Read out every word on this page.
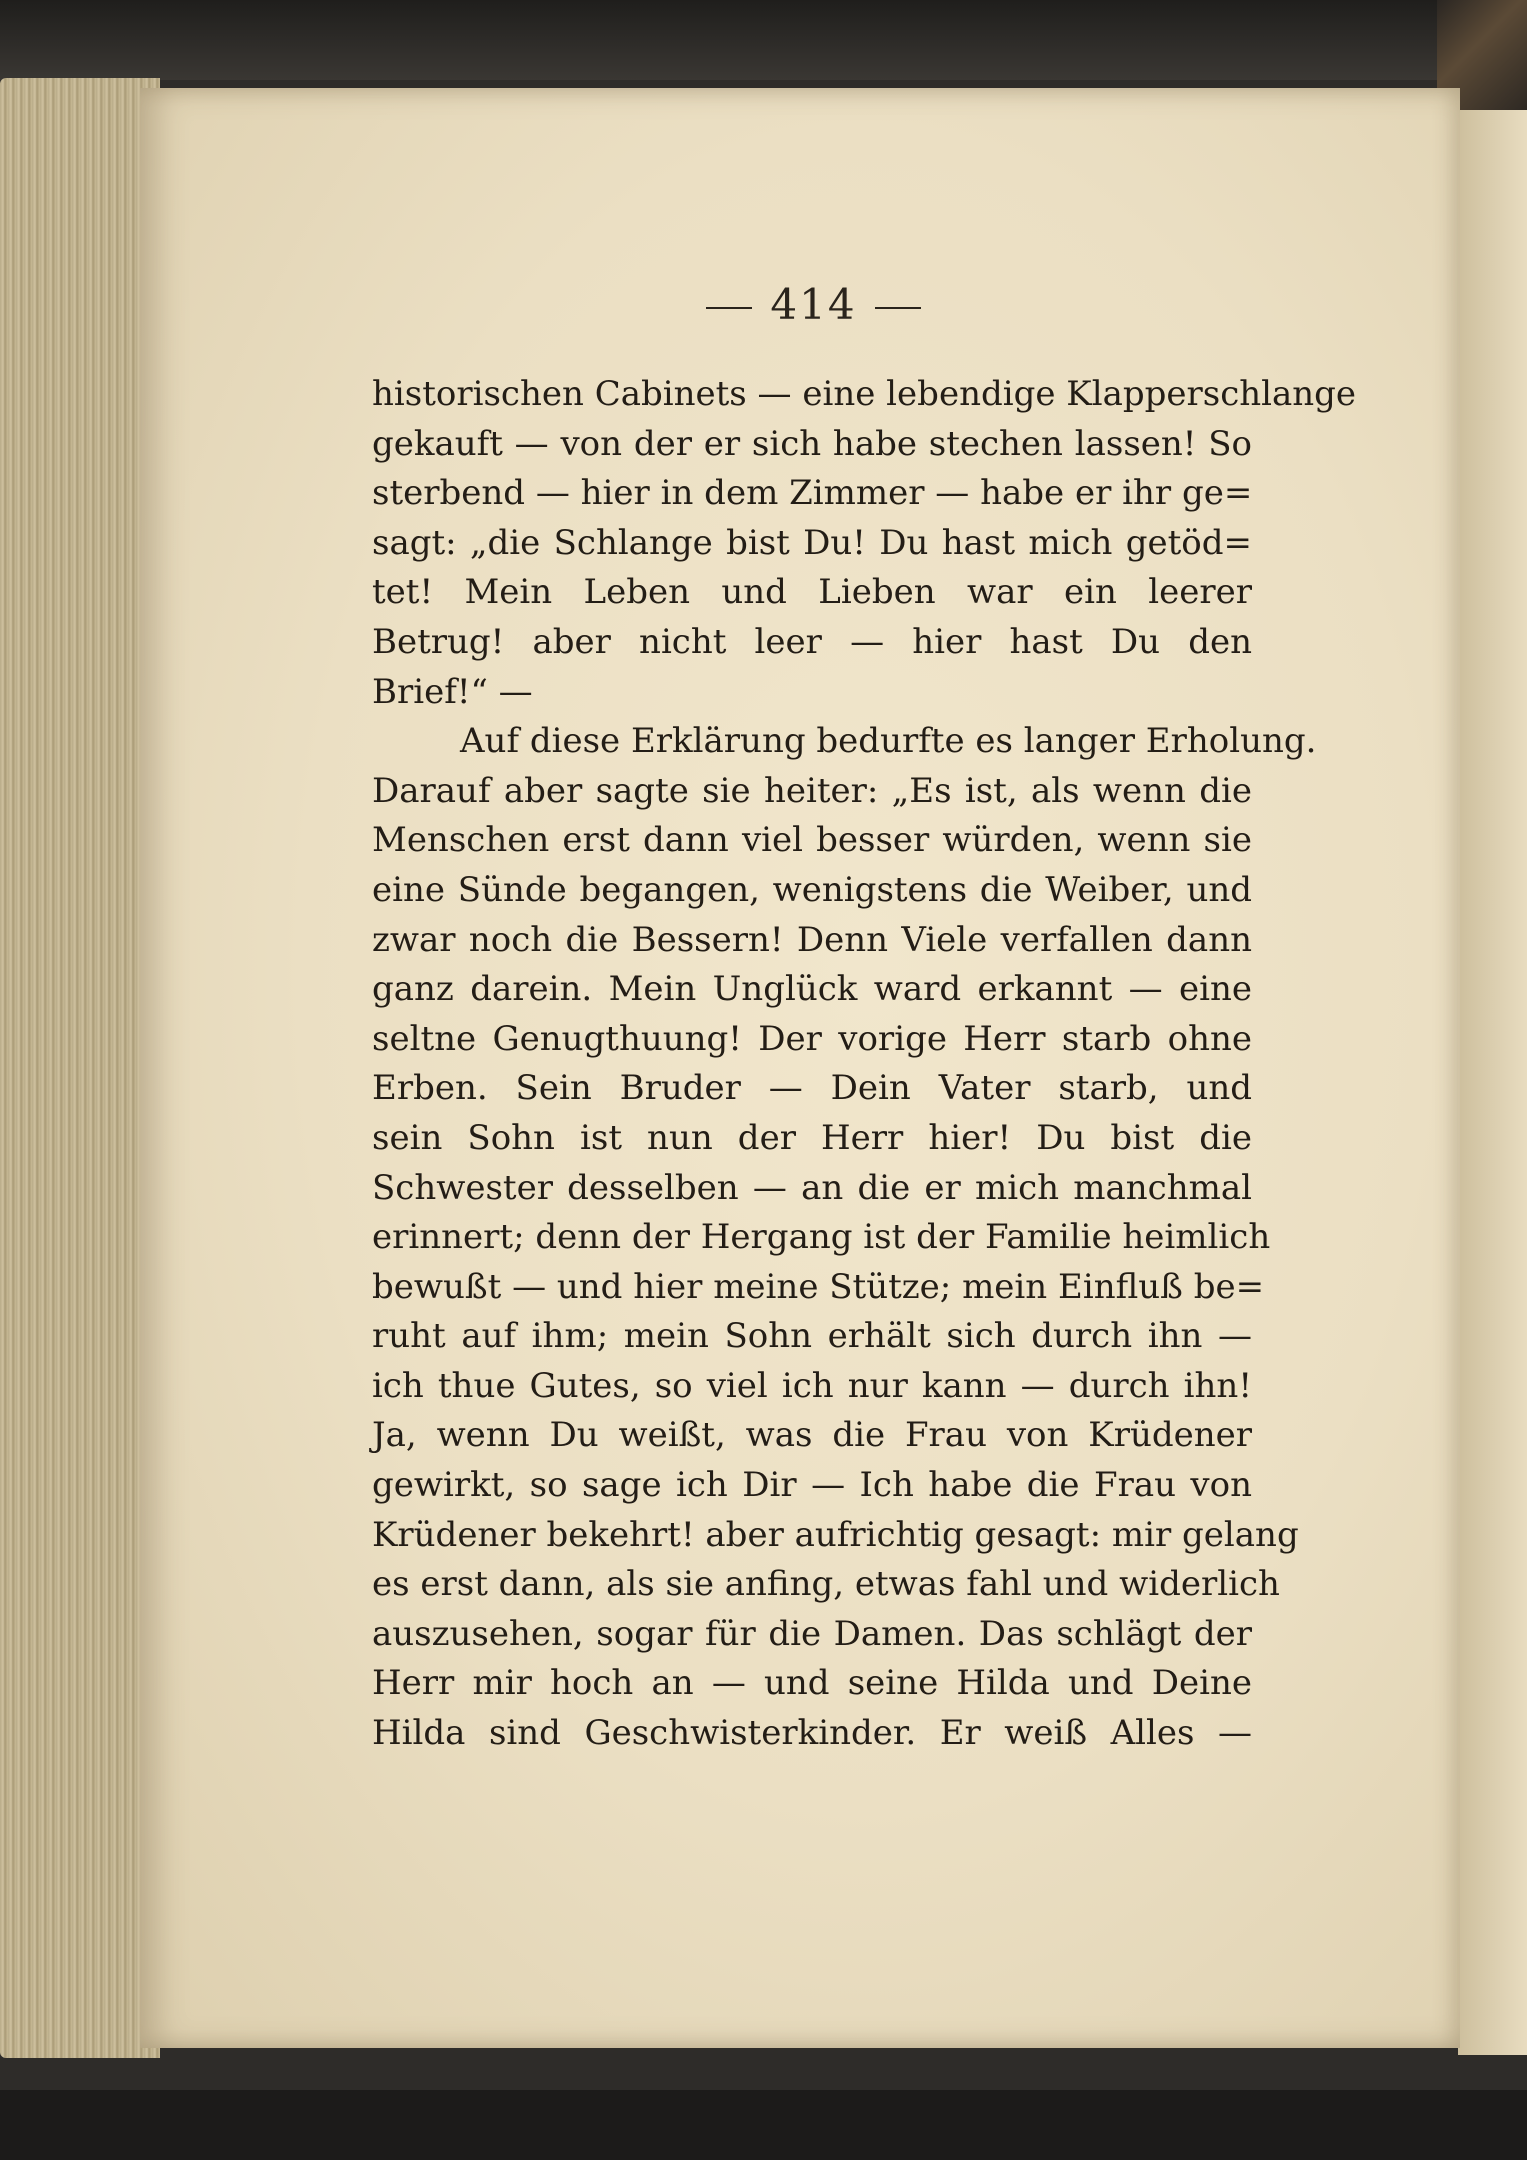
414
historischen Cabinets — eine lebendige Klapperschlange
gekauft — von der er sich habe stechen lassen! So
sterbend — hier in dem Zimmer — habe er ihr ge=
sagt: „die Schlange bist Du! Du hast mich getöd=
tet! Mein Leben und Lieben war ein leerer
Betrug! aber nicht leer — hier hast Du den
Brief!“ —
Auf diese Erklärung bedurfte es langer Erholung.
Darauf aber sagte sie heiter: „Es ist, als wenn die
Menschen erst dann viel besser würden, wenn sie
eine Sünde begangen, wenigstens die Weiber, und
zwar noch die Bessern! Denn Viele verfallen dann
ganz darein. Mein Unglück ward erkannt — eine
seltne Genugthuung! Der vorige Herr starb ohne
Erben. Sein Bruder — Dein Vater starb, und
sein Sohn ist nun der Herr hier! Du bist die
Schwester desselben — an die er mich manchmal
erinnert; denn der Hergang ist der Familie heimlich
bewußt — und hier meine Stütze; mein Einfluß be=
ruht auf ihm; mein Sohn erhält sich durch ihn —
ich thue Gutes, so viel ich nur kann — durch ihn!
Ja, wenn Du weißt, was die Frau von Krüdener
gewirkt, so sage ich Dir — Ich habe die Frau von
Krüdener bekehrt! aber aufrichtig gesagt: mir gelang
es erst dann, als sie anfing, etwas fahl und widerlich
auszusehen, sogar für die Damen. Das schlägt der
Herr mir hoch an — und seine Hilda und Deine
Hilda sind Geschwisterkinder. Er weiß Alles —
